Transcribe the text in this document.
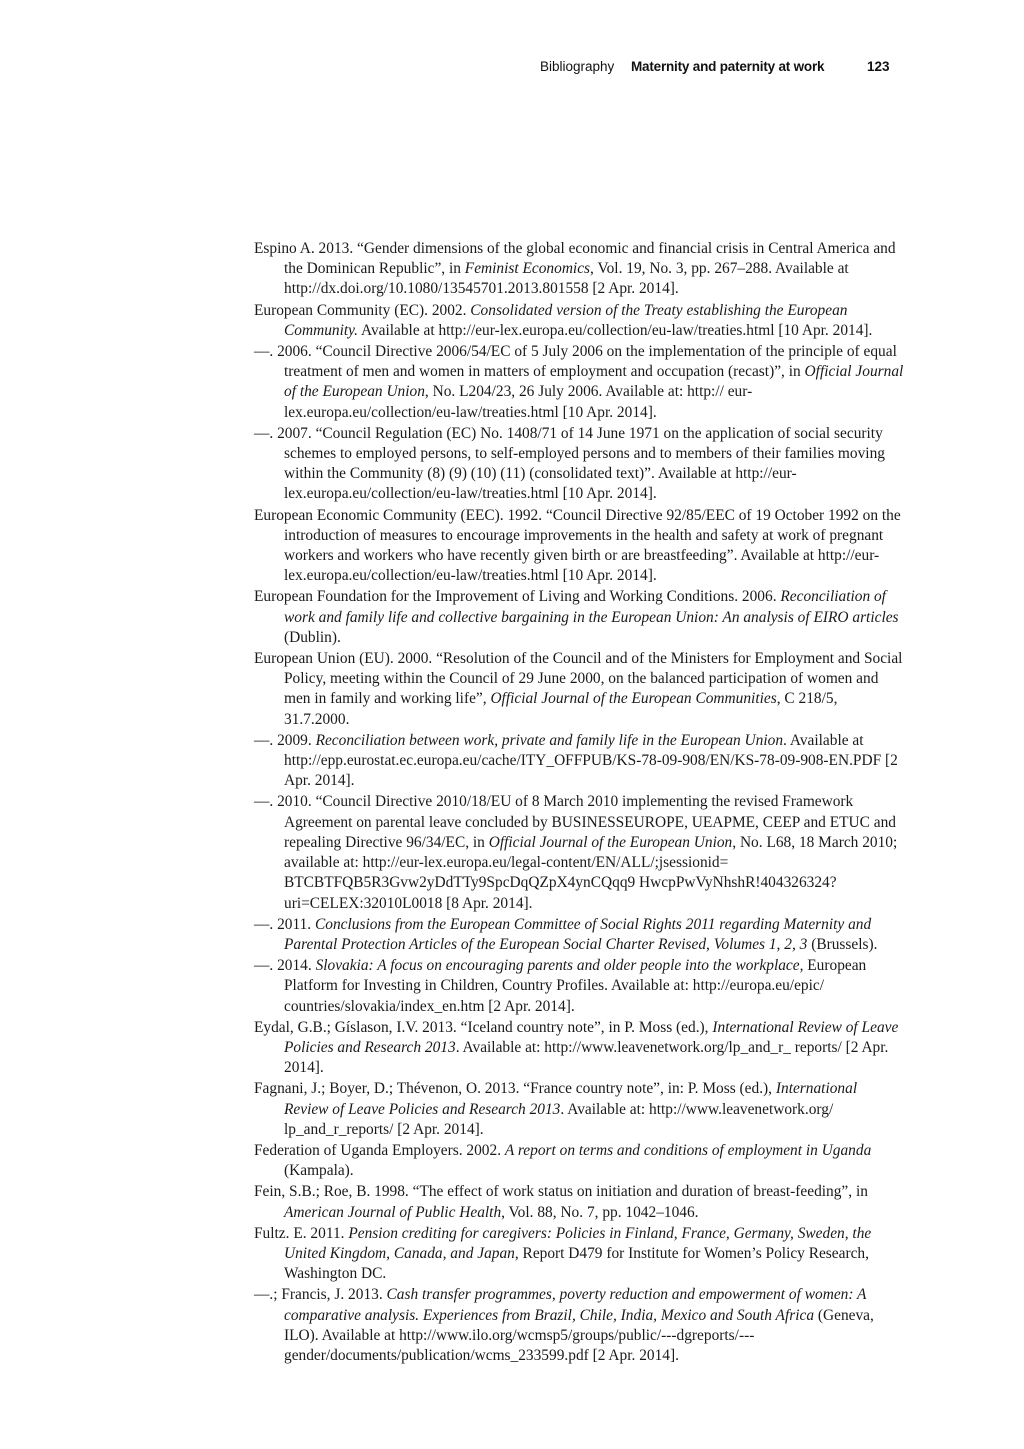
Bibliography Maternity and paternity at work	123

Espino A. 2013. “Gender dimensions of the global economic and financial crisis in Central America and the Dominican Republic”, in Feminist Economics, Vol. 19, No. 3, pp. 267–288. Available at http://dx.doi.org/10.1080/13545701.2013.801558 [2 Apr. 2014].

European Community (EC). 2002. Consolidated version of the Treaty establishing the European Community. Available at http://eur-lex.europa.eu/collection/eu-law/treaties.html [10 Apr. 2014].

—. 2006. “Council Directive 2006/54/EC of 5 July 2006 on the implementation of the principle of equal treatment of men and women in matters of employment and occupation (recast)”, in Official Journal of the European Union, No. L204/23, 26 July 2006. Available at: http:// eur-lex.europa.eu/collection/eu-law/treaties.html [10 Apr. 2014].

—. 2007. “Council Regulation (EC) No. 1408/71 of 14 June 1971 on the application of social security schemes to employed persons, to self-employed persons and to members of their families moving within the Community (8) (9) (10) (11) (consolidated text)”. Available at http://eur-lex.europa.eu/collection/eu-law/treaties.html [10 Apr. 2014].

European Economic Community (EEC). 1992. “Council Directive 92/85/EEC of 19 October 1992 on the introduction of measures to encourage improvements in the health and safety at work of pregnant workers and workers who have recently given birth or are breastfeeding”. Available at http://eur-lex.europa.eu/collection/eu-law/treaties.html [10 Apr. 2014].

European Foundation for the Improvement of Living and Working Conditions. 2006. Reconciliation of work and family life and collective bargaining in the European Union: An analysis of EIRO articles (Dublin).

European Union (EU). 2000. “Resolution of the Council and of the Ministers for Employment and Social Policy, meeting within the Council of 29 June 2000, on the balanced participation of women and men in family and working life”, Official Journal of the European Communities, C 218/5, 31.7.2000.

—. 2009. Reconciliation between work, private and family life in the European Union. Available at http://epp.eurostat.ec.europa.eu/cache/ITY_OFFPUB/KS-78-09-908/EN/KS-78-09-908-EN.PDF [2 Apr. 2014].

—. 2010. “Council Directive 2010/18/EU of 8 March 2010 implementing the revised Framework Agreement on parental leave concluded by BUSINESSEUROPE, UEAPME, CEEP and ETUC and repealing Directive 96/34/EC, in Official Journal of the European Union, No. L68, 18 March 2010; available at: http://eur-lex.europa.eu/legal-content/EN/ALL/;jsessionid= BTCBTFQB5R3Gvw2yDdTTy9SpcDqQZpX4ynCQqq9 HwcpPwVyNhshR!404326324? uri=CELEX:32010L0018 [8 Apr. 2014].

—. 2011. Conclusions from the European Committee of Social Rights 2011 regarding Maternity and Parental Protection Articles of the European Social Charter Revised, Volumes 1, 2, 3 (Brussels).

—. 2014. Slovakia: A focus on encouraging parents and older people into the workplace, European Platform for Investing in Children, Country Profiles. Available at: http://europa.eu/epic/ countries/slovakia/index_en.htm [2 Apr. 2014].

Eydal, G.B.; Gíslason, I.V. 2013. “Iceland country note”, in P. Moss (ed.), International Review of Leave Policies and Research 2013. Available at: http://www.leavenetwork.org/lp_and_r_ reports/ [2 Apr. 2014].

Fagnani, J.; Boyer, D.; Thévenon, O. 2013. “France country note”, in: P. Moss (ed.), International Review of Leave Policies and Research 2013. Available at: http://www.leavenetwork.org/ lp_and_r_reports/ [2 Apr. 2014].

Federation of Uganda Employers. 2002. A report on terms and conditions of employment in Uganda (Kampala).

Fein, S.B.; Roe, B. 1998. “The effect of work status on initiation and duration of breast-feeding”, in American Journal of Public Health, Vol. 88, No. 7, pp. 1042–1046.

Fultz. E. 2011. Pension crediting for caregivers: Policies in Finland, France, Germany, Sweden, the United Kingdom, Canada, and Japan, Report D479 for Institute for Women’s Policy Research, Washington DC.

—.; Francis, J. 2013. Cash transfer programmes, poverty reduction and empowerment of women: A comparative analysis. Experiences from Brazil, Chile, India, Mexico and South Africa (Geneva, ILO). Available at http://www.ilo.org/wcmsp5/groups/public/---dgreports/---gender/documents/publication/wcms_233599.pdf [2 Apr. 2014].
